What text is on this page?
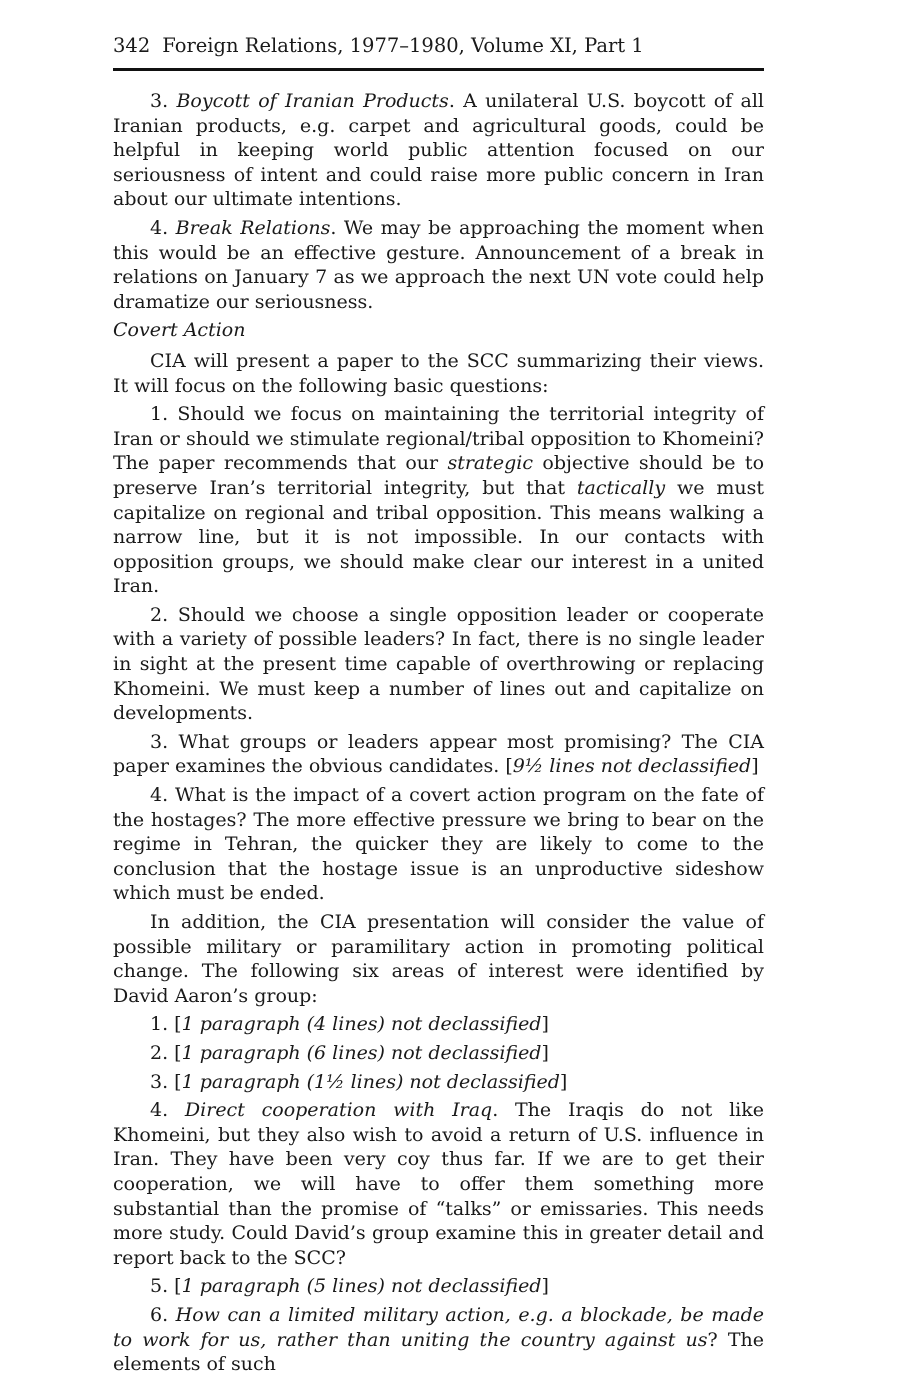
342 Foreign Relations, 1977–1980, Volume XI, Part 1

3. Boycott of Iranian Products. A unilateral U.S. boycott of all Iranian products, e.g. carpet and agricultural goods, could be helpful in keeping world public attention focused on our seriousness of intent and could raise more public concern in Iran about our ultimate intentions.

4. Break Relations. We may be approaching the moment when this would be an effective gesture. Announcement of a break in relations on January 7 as we approach the next UN vote could help dramatize our seriousness.

Covert Action

CIA will present a paper to the SCC summarizing their views. It will focus on the following basic questions:

1. Should we focus on maintaining the territorial integrity of Iran or should we stimulate regional/tribal opposition to Khomeini? The paper recommends that our strategic objective should be to preserve Iran’s territorial integrity, but that tactically we must capitalize on regional and tribal opposition. This means walking a narrow line, but it is not impossible. In our contacts with opposition groups, we should make clear our interest in a united Iran.

2. Should we choose a single opposition leader or cooperate with a variety of possible leaders? In fact, there is no single leader in sight at the present time capable of overthrowing or replacing Khomeini. We must keep a number of lines out and capitalize on developments.

3. What groups or leaders appear most promising? The CIA paper examines the obvious candidates. [9½ lines not declassified]

4. What is the impact of a covert action program on the fate of the hostages? The more effective pressure we bring to bear on the regime in Tehran, the quicker they are likely to come to the conclusion that the hostage issue is an unproductive sideshow which must be ended.

In addition, the CIA presentation will consider the value of possible military or paramilitary action in promoting political change. The following six areas of interest were identified by David Aaron’s group:

1. [1 paragraph (4 lines) not declassified]

2. [1 paragraph (6 lines) not declassified]

3. [1 paragraph (1½ lines) not declassified]

4. Direct cooperation with Iraq. The Iraqis do not like Khomeini, but they also wish to avoid a return of U.S. influence in Iran. They have been very coy thus far. If we are to get their cooperation, we will have to offer them something more substantial than the promise of “talks” or emissaries. This needs more study. Could David’s group examine this in greater detail and report back to the SCC?

5. [1 paragraph (5 lines) not declassified]

6. How can a limited military action, e.g. a blockade, be made to work for us, rather than uniting the country against us? The elements of such
